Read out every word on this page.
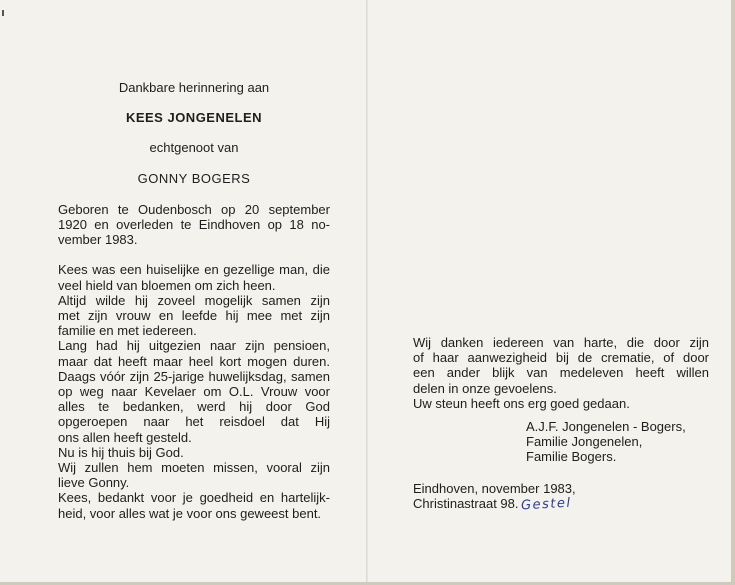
Dankbare herinnering aan
KEES JONGENELEN
echtgenoot van
GONNY BOGERS
Geboren te Oudenbosch op 20 september
1920 en overleden te Eindhoven op 18 no-
vember 1983.
Kees was een huiselijke en gezellige man, die
veel hield van bloemen om zich heen.
Altijd wilde hij zoveel mogelijk samen zijn
met zijn vrouw en leefde hij mee met zijn
familie en met iedereen.
Lang had hij uitgezien naar zijn pensioen,
maar dat heeft maar heel kort mogen duren.
Daags vóór zijn 25-jarige huwelijksdag, samen
op weg naar Kevelaer om O.L. Vrouw voor
alles te bedanken, werd hij door God
opgeroepen naar het reisdoel dat Hij
ons allen heeft gesteld.
Nu is hij thuis bij God.
Wij zullen hem moeten missen, vooral zijn
lieve Gonny.
Kees, bedankt voor je goedheid en hartelijk-
heid, voor alles wat je voor ons geweest bent.
Wij danken iedereen van harte, die door zijn
of haar aanwezigheid bij de crematie, of door
een ander blijk van medeleven heeft willen
delen in onze gevoelens.
Uw steun heeft ons erg goed gedaan.
A.J.F. Jongenelen - Bogers,
Familie Jongenelen,
Familie Bogers.
Eindhoven, november 1983,
Christinastraat 98. Gestel
